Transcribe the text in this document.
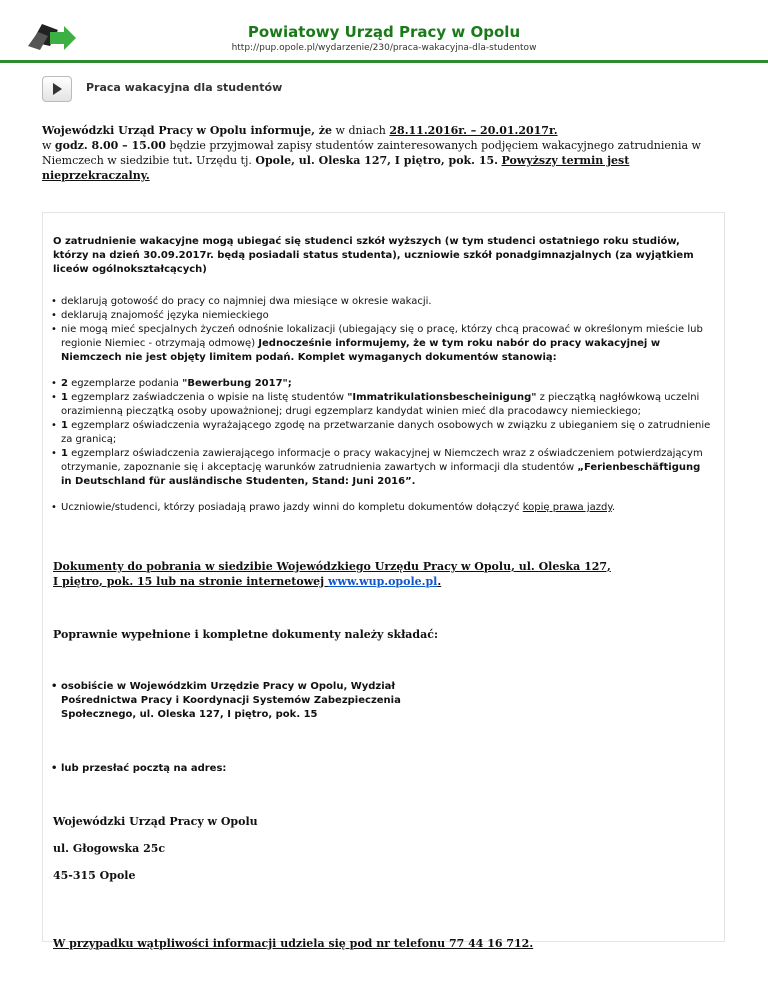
Powiatowy Urząd Pracy w Opolu
http://pup.opole.pl/wydarzenie/230/praca-wakacyjna-dla-studentow
Praca wakacyjna dla studentów

Wojewódzki Urząd Pracy w Opolu informuje, że w dniach 28.11.2016r. – 20.01.2017r.

w godz. 8.00 – 15.00 będzie przyjmował zapisy studentów zainteresowanych podjęciem wakacyjnego zatrudnienia w Niemczech w siedzibie tut. Urzędu tj. Opole, ul. Oleska 127, I piętro, pok. 15. Powyższy termin jest nieprzekraczalny.

O zatrudnienie wakacyjne mogą ubiegać się studenci szkół wyższych (w tym studenci ostatniego roku studiów, którzy na dzień 30.09.2017r. będą posiadali status studenta), uczniowie szkół ponadgimnazjalnych (za wyjątkiem liceów ogólnokształcących)

• deklarują gotowość do pracy co najmniej dwa miesiące w okresie wakacji.
• deklarują znajomość języka niemieckiego
• nie mogą mieć specjalnych życzeń odnośnie lokalizacji (ubiegający się o pracę, którzy chcą pracować w określonym mieście lub regionie Niemiec - otrzymają odmowę) Jednocześnie informujemy, że w tym roku nabór do pracy wakacyjnej w Niemczech nie jest objęty limitem podań. Komplet wymaganych dokumentów stanowią:
• 2 egzemplarze podania "Bewerbung 2017";
• 1 egzemplarz zaświadczenia o wpisie na listę studentów "Immatrikulationsbescheinigung" z pieczątką nagłówkową uczelni orazimienną pieczątką osoby upoważnionej; drugi egzemplarz kandydat winien mieć dla pracodawcy niemieckiego;
• 1 egzemplarz oświadczenia wyrażającego zgodę na przetwarzanie danych osobowych w związku z ubieganiem się o zatrudnienie za granicą;
• 1 egzemplarz oświadczenia zawierającego informacje o pracy wakacyjnej w Niemczech wraz z oświadczeniem potwierdzającym otrzymanie, zapoznanie się i akceptację warunków zatrudnienia zawartych w informacji dla studentów „Ferienbeschäftigung in Deutschland für ausländische Studenten, Stand: Juni 2016”.
• Uczniowie/studenci, którzy posiadają prawo jazdy winni do kompletu dokumentów dołączyć kopię prawa jazdy.
Dokumenty do pobrania w siedzibie Wojewódzkiego Urzędu Pracy w Opolu, ul. Oleska 127,
I piętro, pok. 15 lub na stronie internetowej www.wup.opole.pl.

Poprawnie wypełnione i kompletne dokumenty należy składać:

• osobiście w Wojewódzkim Urzędzie Pracy w Opolu, Wydział Pośrednictwa Pracy i Koordynacji Systemów Zabezpieczenia Społecznego, ul. Oleska 127, I piętro, pok. 15
• lub przesłać pocztą na adres:
Wojewódzki Urząd Pracy w Opolu
ul. Głogowska 25c
45-315 Opole

W przypadku wątpliwości informacji udziela się pod nr telefonu 77 44 16 712.
